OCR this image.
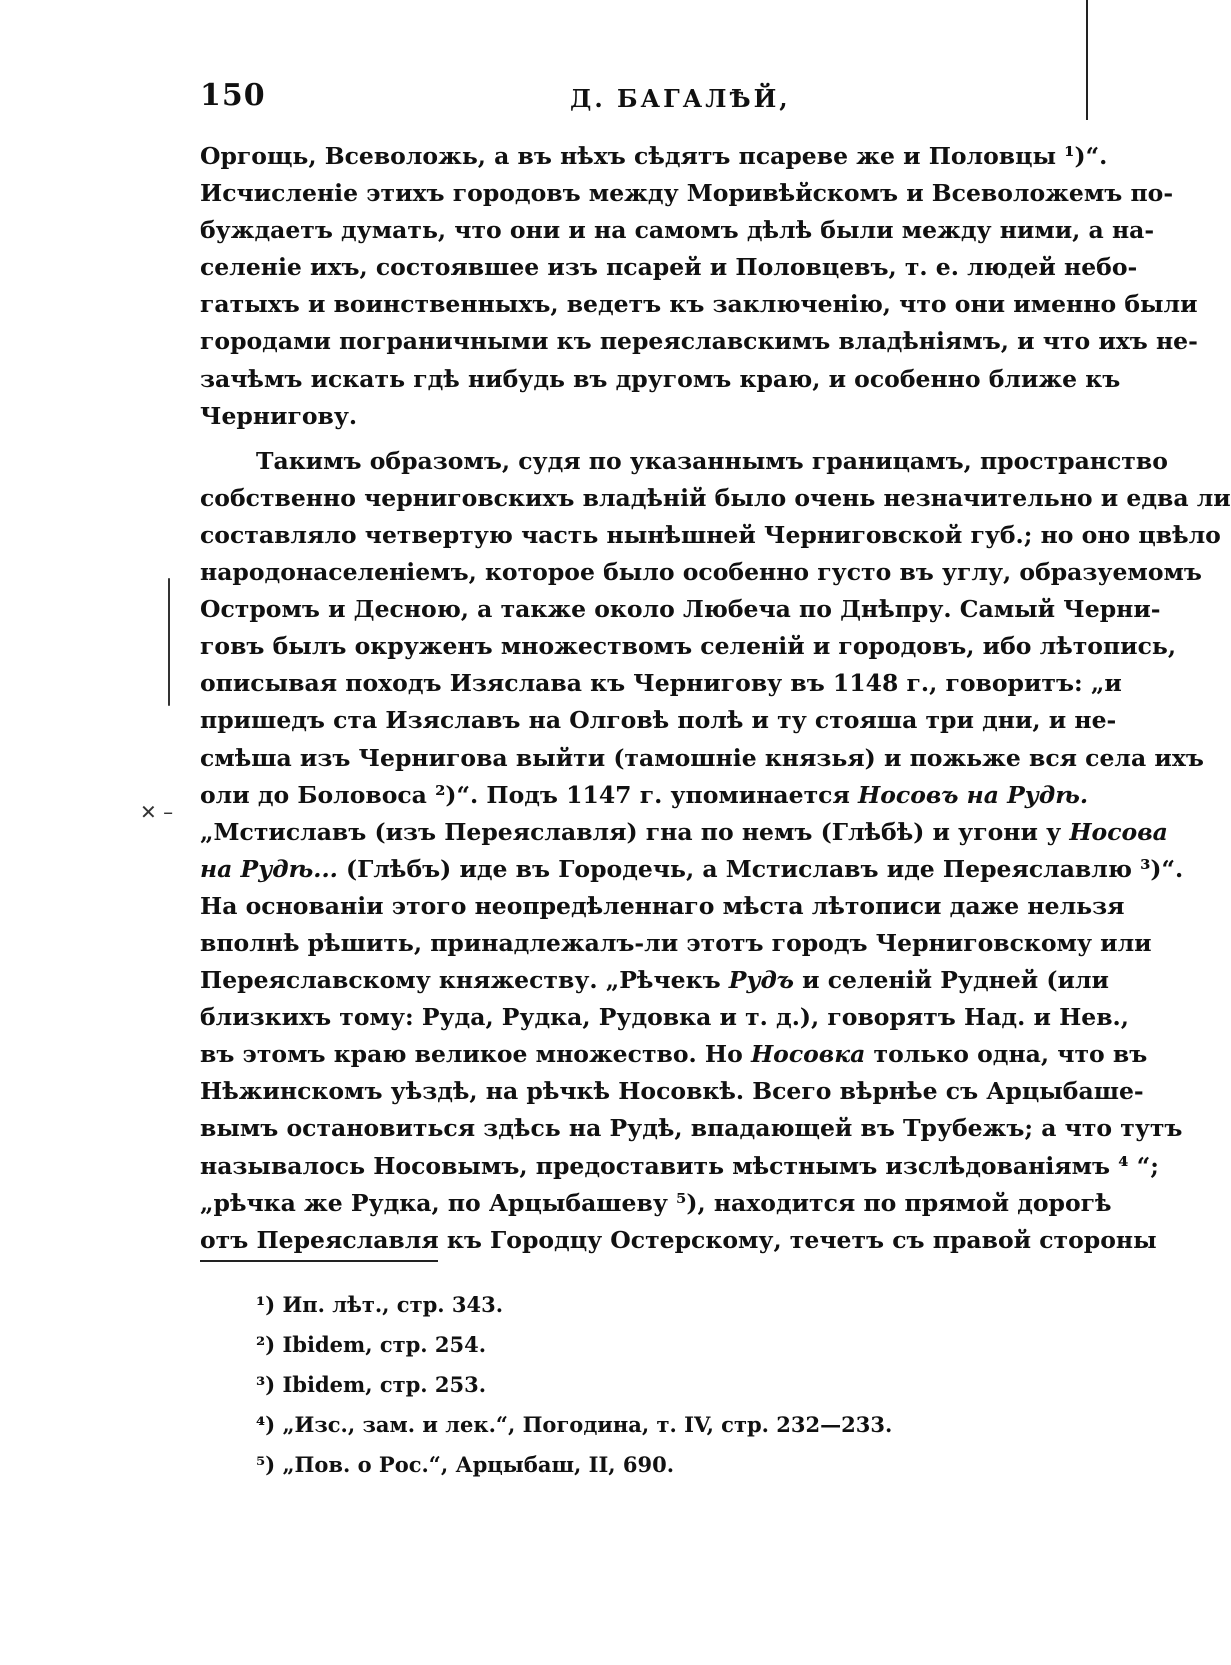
150	Д. БАГАЛѢЙ,
Оргощь, Всеволожь, а въ нѣхъ сѣдятъ псареве же и Половцы ¹)“.
Исчисленіе этихъ городовъ между Моривѣйскомъ и Всеволожемъ по-
буждаетъ думать, что они и на самомъ дѣлѣ были между ними, а на-
селеніе ихъ, состоявшее изъ псарей и Половцевъ, т. е. людей небо-
гатыхъ и воинственныхъ, ведетъ къ заключенію, что они именно были
городами пограничными къ переяславскимъ владѣніямъ, и что ихъ не-
зачѣмъ искать гдѣ нибудь въ другомъ краю, и особенно ближе къ
Чернигову.
Такимъ образомъ, судя по указаннымъ границамъ, пространство
собственно черниговскихъ владѣній было очень незначительно и едва ли
составляло четвертую часть нынѣшней Черниговской губ.; но оно цвѣло
народонаселеніемъ, которое было особенно густо въ углу, образуемомъ
Остромъ и Десною, а также около Любеча по Днѣпру. Самый Черни-
говъ былъ окруженъ множествомъ селеній и городовъ, ибо лѣтопись,
описывая походъ Изяслава къ Чернигову въ 1148 г., говоритъ: „и
пришедъ ста Изяславъ на Олговѣ полѣ и ту стояша три дни, и не-
смѣша изъ Чернигова выйти (тамошніе князья) и пожьже вся села ихъ
оли до Боловоса ²)“. Подъ 1147 г. упоминается Носовъ на Рудѣ.
„Мстиславъ (изъ Переяславля) гна по немъ (Глѣбѣ) и угони у Носова
на Рудѣ... (Глѣбъ) иде въ Городечь, а Мстиславъ иде Переяславлю ³)“.
На основаніи этого неопредѣленнаго мѣста лѣтописи даже нельзя
вполнѣ рѣшить, принадлежалъ-ли этотъ городъ Черниговскому или
Переяславскому княжеству. „Рѣчекъ Рудъ и селеній Рудней (или
близкихъ тому: Руда, Рудка, Рудовка и т. д.), говорятъ Над. и Нев.,
въ этомъ краю великое множество. Но Носовка только одна, что въ
Нѣжинскомъ уѣздѣ, на рѣчкѣ Носовкѣ. Всего вѣрнѣе съ Арцыбаше-
вымъ остановиться здѣсь на Рудѣ, впадающей въ Трубежъ; а что тутъ
называлось Носовымъ, предоставить мѣстнымъ изслѣдованіямъ ⁴ “;
„рѣчка же Рудка, по Арцыбашеву ⁵), находится по прямой дорогѣ
отъ Переяславля къ Городцу Остерскому, течетъ съ правой стороны
✕ –
¹) Ип. лѣт., стр. 343.
²) Ibidem, стр. 254.
³) Ibidem, стр. 253.
⁴) „Изс., зам. и лек.“, Погодина, т. IV, стр. 232—233.
⁵) „Пов. о Рос.“, Арцыбаш, II, 690.
